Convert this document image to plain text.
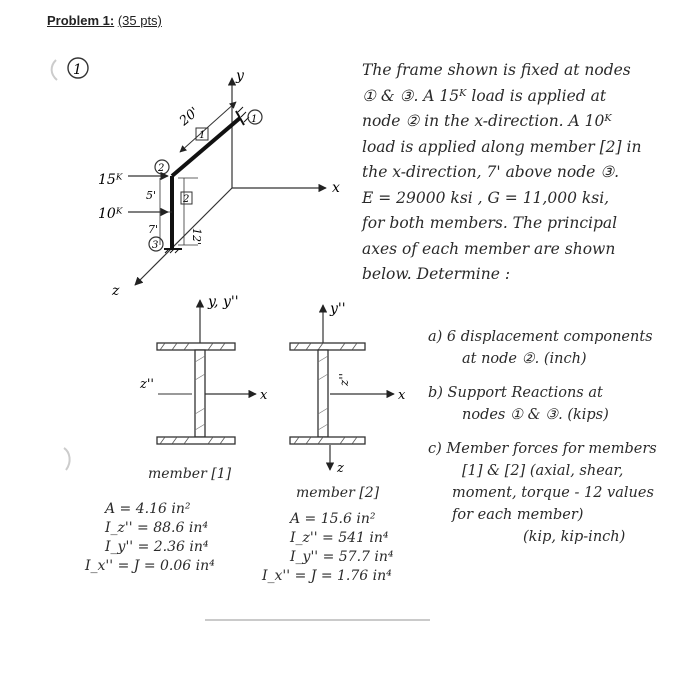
Problem 1: (35 pts)
1	y
x
z
20'
1
1
2
12'
5'
7'
2
3
15ᴷ
10ᴷ
y, y''
x
z''
y''
x
z''
z
The frame shown is fixed at nodes
① & ③. A 15ᴷ load is applied at
node ② in the x-direction. A 10ᴷ
load is applied along member [2] in
the x-direction, 7' above node ③.
E = 29000 ksi , G = 11,000 ksi,
for both members. The principal
axes of each member are shown
below. Determine :
a) 6 displacement components
at node ②. (inch)
b) Support Reactions at
nodes ① & ③. (kips)
c) Member forces for members
[1] & [2] (axial, shear,
moment, torque - 12 values
for each member)
(kip, kip-inch)
member [1]
A = 4.16 in²
I_z'' = 88.6 in⁴
I_y'' = 2.36 in⁴
I_x'' = J = 0.06 in⁴
member [2]
A = 15.6 in²
I_z'' = 541 in⁴
I_y'' = 57.7 in⁴
I_x'' = J = 1.76 in⁴
